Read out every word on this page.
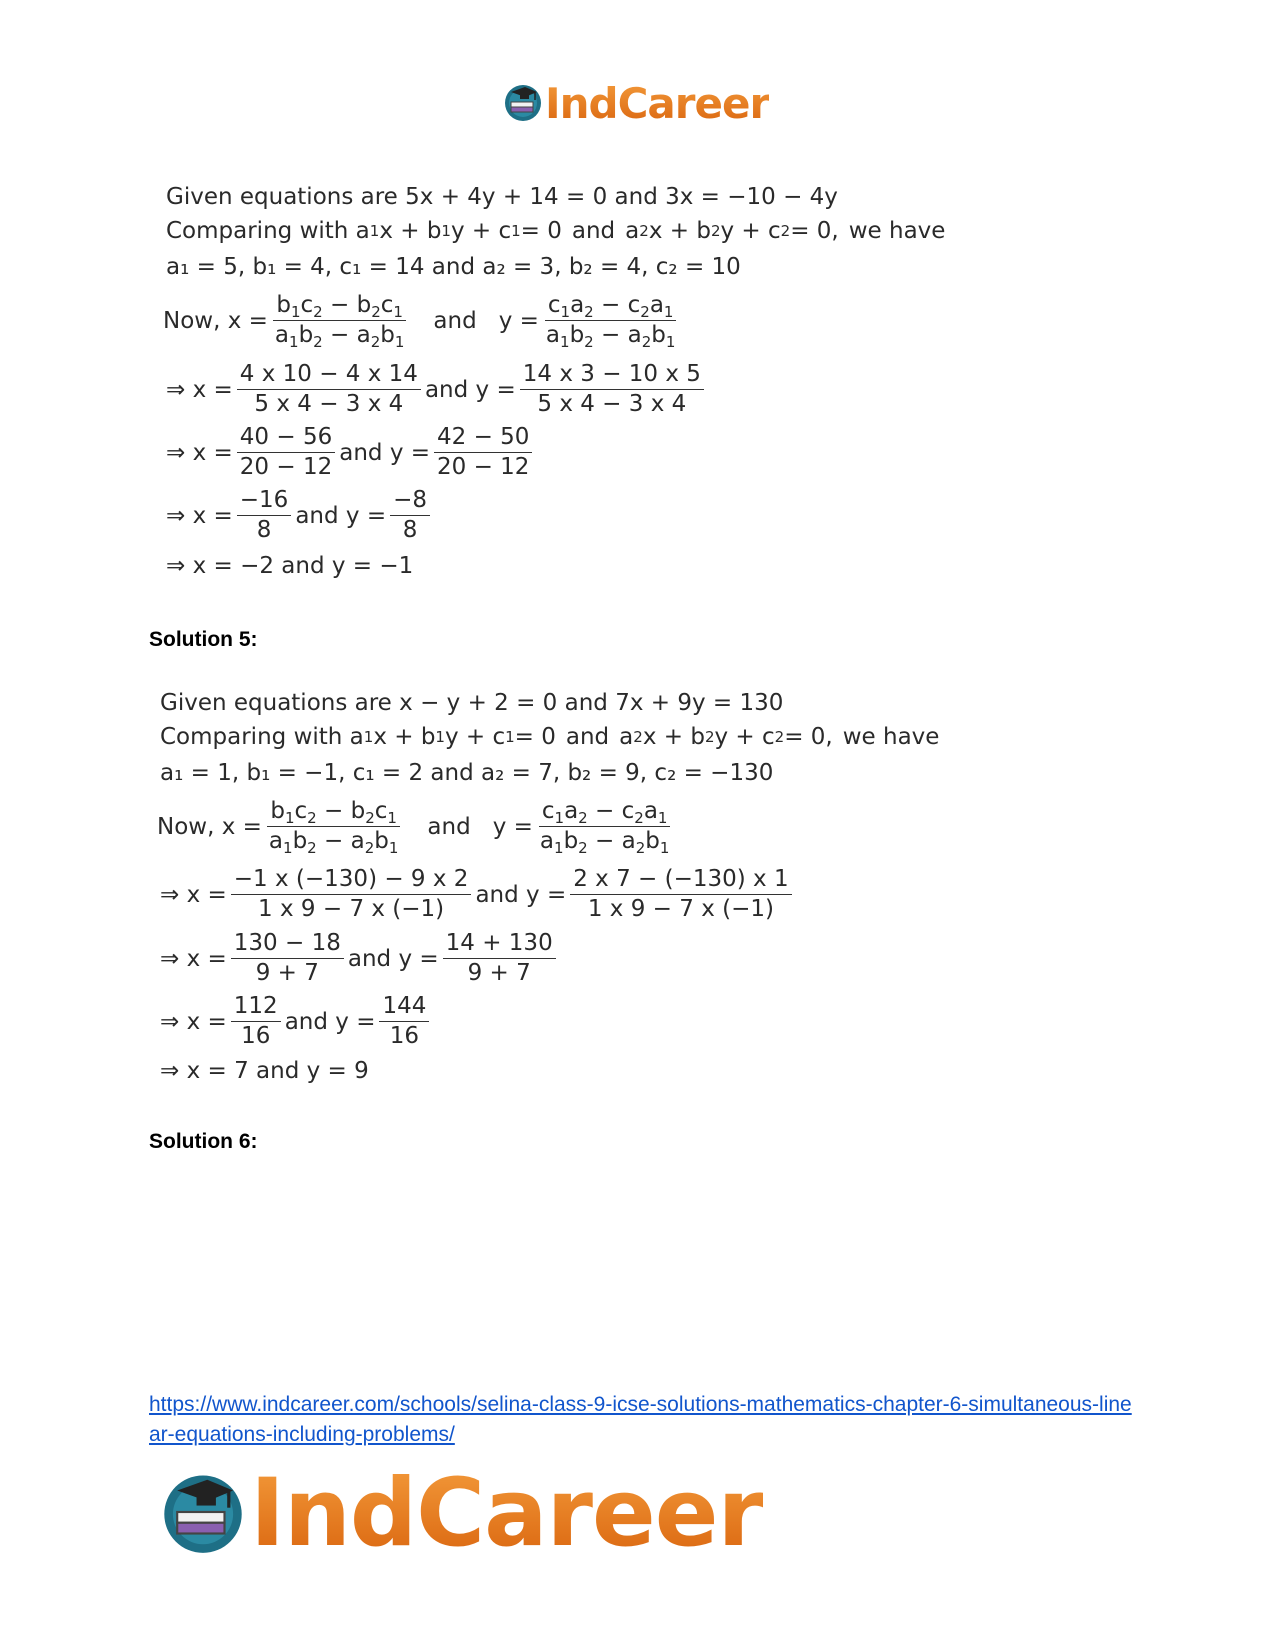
IndCareer
Given equations are 5x + 4y + 14 = 0 and 3x = −10 − 4y
Comparing with a 1 x + b 1 y + c 1 = 0 and a 2 x + b 2 y + c 2 = 0, we have
a₁ = 5, b₁ = 4, c₁ = 14 and a₂ = 3, b₂ = 4, c₂ = 10
Now, $x = \frac{b_1c_2 - b_2c_1}{a_1b_2 - a_2b_1}$ and $y = \frac{c_1a_2 - c_2a_1}{a_1b_2 - a_2b_1}$
⇒ $x = \frac{4 x 10 - 4 x 14}{5 x 4 - 3 x 4}$ and
$y = \frac{14 x 3 - 10 x 5}{5 x 4 - 3 x 4}$
⇒ $x = \frac{40 - 56}{20 - 12}$ and
$y = \frac{42 - 50}{20 - 12}$
⇒ $x = \frac{-16}{8}$ and
$y = \frac{-8}{8}$
⇒ x = −2 and y = −1
Solution 5:
Given equations are x − y + 2 = 0 and 7x + 9y = 130
Comparing with a 1 x + b 1 y + c 1 = 0 and a 2 x + b 2 y + c 2 = 0, we have
a₁ = 1, b₁ = −1, c₁ = 2 and a₂ = 7, b₂ = 9, c₂ = −130
Now, $x = \frac{b_1c_2 - b_2c_1}{a_1b_2 - a_2b_1}$ and $y = \frac{c_1a_2 - c_2a_1}{a_1b_2 - a_2b_1}$
⇒ $x = \frac{-1 x (-130) - 9 x 2}{1 x 9 - 7 x (-1)}$ and
$y = \frac{2 x 7 - (-130) x 1}{1 x 9 - 7 x (-1)}$
⇒ $x = \frac{130 - 18}{9 + 7}$ and
$y = \frac{14 + 130}{9 + 7}$
⇒ $x = \frac{112}{16}$ and
$y = \frac{144}{16}$
⇒ x = 7 and y = 9
Solution 6:
https://www.indcareer.com/schools/selina-class-9-icse-solutions-mathematics-chapter-6-simultaneous-linear-equations-including-problems/
IndCareer
